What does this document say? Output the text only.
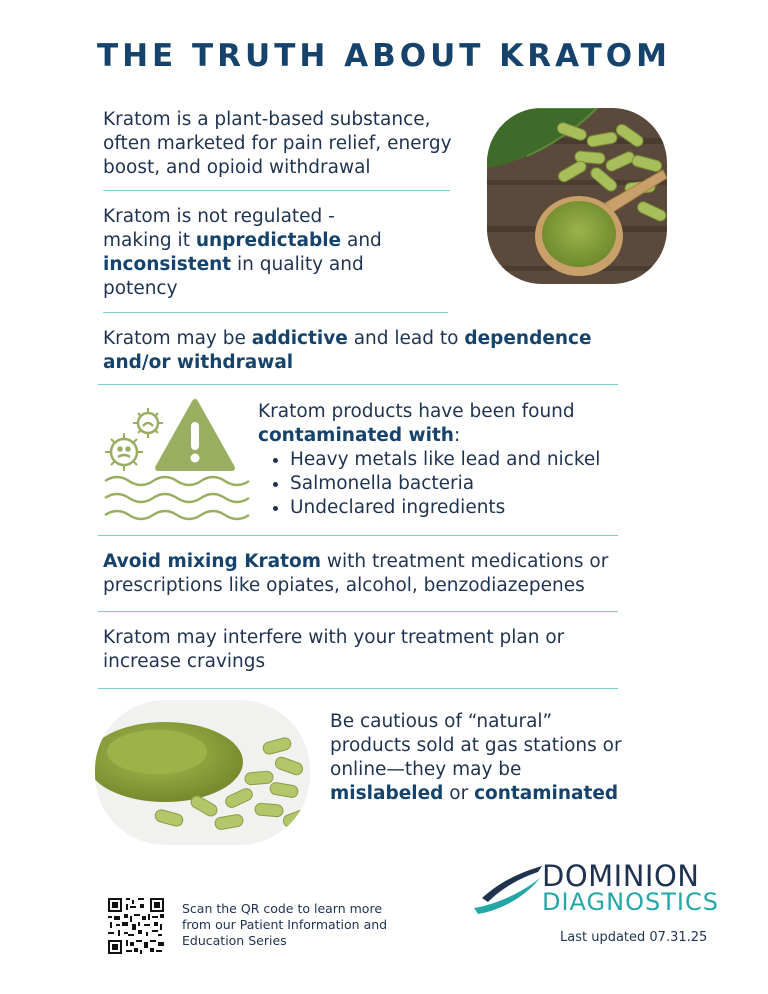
THE TRUTH ABOUT KRATOM

Kratom is a plant-based substance, often marketed for pain relief, energy boost, and opioid withdrawal

Kratom is not regulated - making it unpredictable and
inconsistent in quality and potency

Kratom may be addictive and lead to dependence and/or withdrawal

Kratom products have been found
contaminated with:

• Heavy metals like lead and nickel
• Salmonella bacteria
• Undeclared ingredients

Avoid mixing Kratom with treatment medications or prescriptions like opiates, alcohol, benzodiazepenes

Kratom may interfere with your treatment plan or increase cravings

Be cautious of “natural” products sold at gas stations or online—they may be mislabeled or contaminated

Scan the QR code to learn more from our Patient Information and Education Series
DOMINION
DIAGNOSTICS
Last updated 07.31.25
